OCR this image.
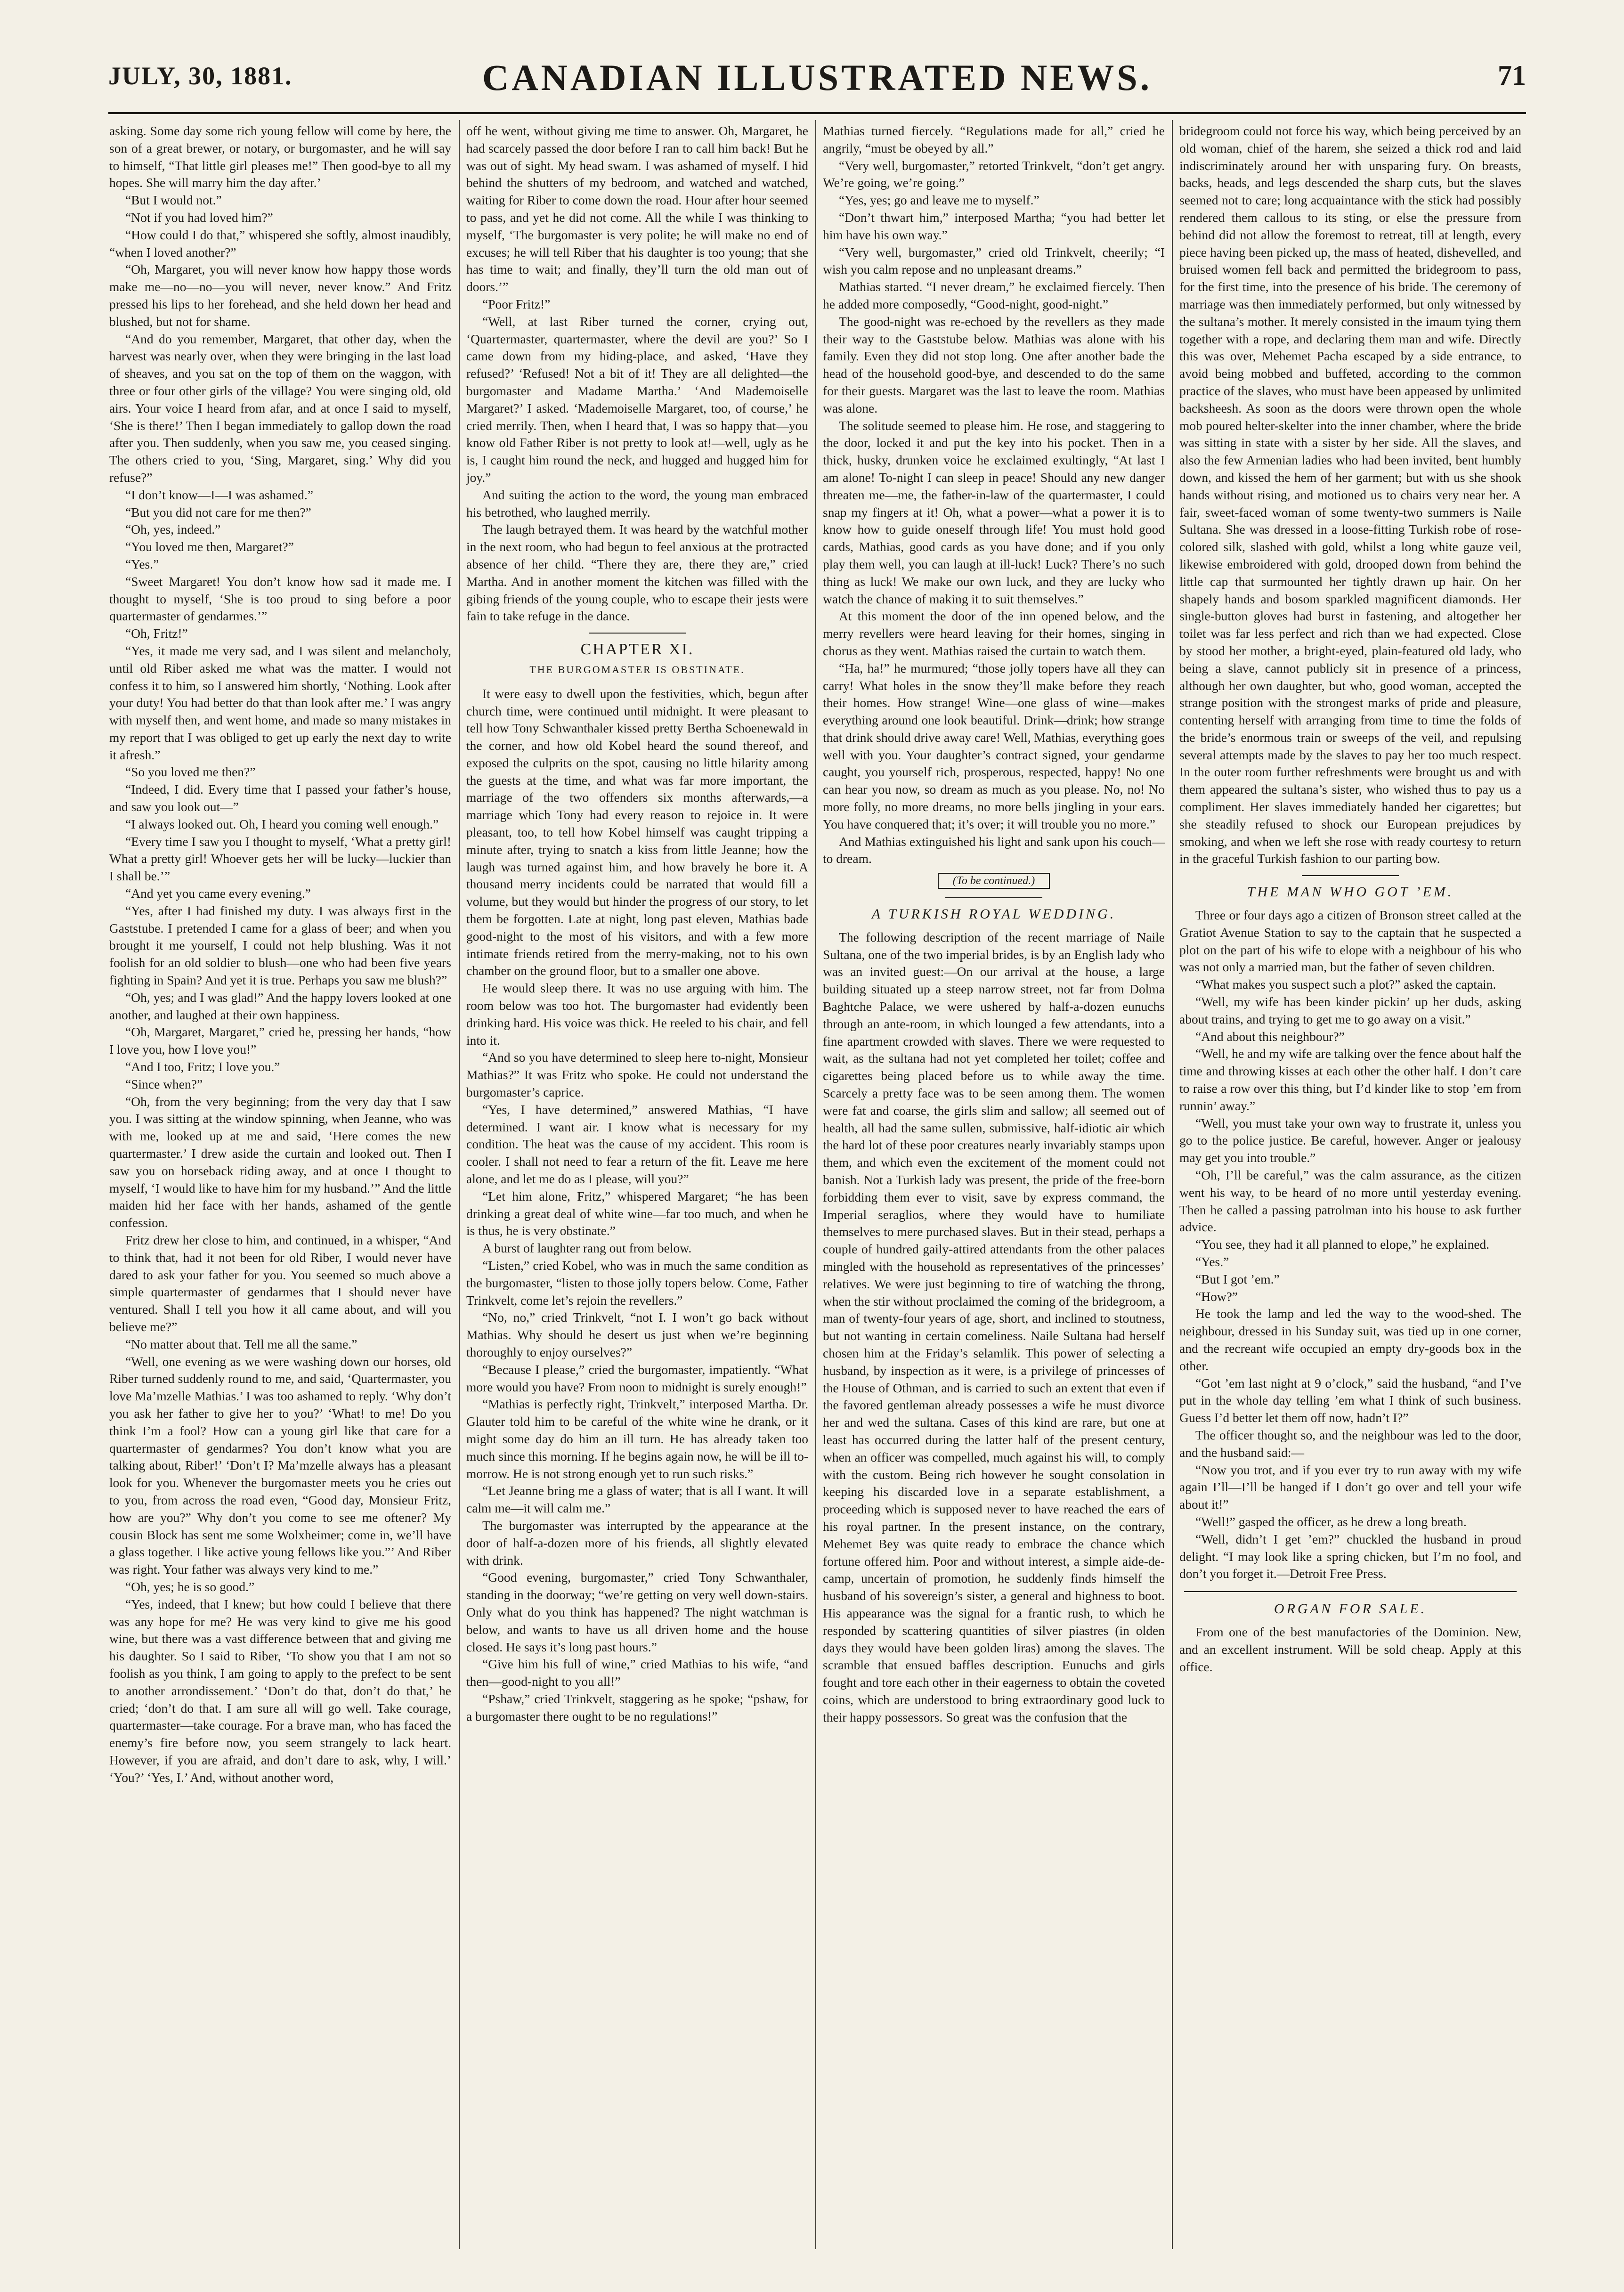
JULY, 30, 1881.	CANADIAN ILLUSTRATED NEWS.	71

asking. Some day some rich young fellow will come by here, the son of a great brewer, or notary, or burgomaster, and he will say to himself, “That little girl pleases me!” Then good-bye to all my hopes. She will marry him the day after.’

“But I would not.”

“Not if you had loved him?”

“How could I do that,” whispered she softly, almost inaudibly, “when I loved another?”

“Oh, Margaret, you will never know how happy those words make me—no—no—you will never, never know.” And Fritz pressed his lips to her forehead, and she held down her head and blushed, but not for shame.

“And do you remember, Margaret, that other day, when the harvest was nearly over, when they were bringing in the last load of sheaves, and you sat on the top of them on the waggon, with three or four other girls of the village? You were singing old, old airs. Your voice I heard from afar, and at once I said to myself, ‘She is there!’ Then I began immediately to gallop down the road after you. Then suddenly, when you saw me, you ceased singing. The others cried to you, ‘Sing, Margaret, sing.’ Why did you refuse?”

“I don’t know—I—I was ashamed.”

“But you did not care for me then?”

“Oh, yes, indeed.”

“You loved me then, Margaret?”

“Yes.”

“Sweet Margaret! You don’t know how sad it made me. I thought to myself, ‘She is too proud to sing before a poor quartermaster of gendarmes.’”

“Oh, Fritz!”

“Yes, it made me very sad, and I was silent and melancholy, until old Riber asked me what was the matter. I would not confess it to him, so I answered him shortly, ‘Nothing. Look after your duty! You had better do that than look after me.’ I was angry with myself then, and went home, and made so many mistakes in my report that I was obliged to get up early the next day to write it afresh.”

“So you loved me then?”

“Indeed, I did. Every time that I passed your father’s house, and saw you look out—”

“I always looked out. Oh, I heard you coming well enough.”

“Every time I saw you I thought to myself, ‘What a pretty girl! What a pretty girl! Whoever gets her will be lucky—luckier than I shall be.’”

“And yet you came every evening.”

“Yes, after I had finished my duty. I was always first in the Gaststube. I pretended I came for a glass of beer; and when you brought it me yourself, I could not help blushing. Was it not foolish for an old soldier to blush—one who had been five years fighting in Spain? And yet it is true. Perhaps you saw me blush?”

“Oh, yes; and I was glad!” And the happy lovers looked at one another, and laughed at their own happiness.

“Oh, Margaret, Margaret,” cried he, pressing her hands, “how I love you, how I love you!”

“And I too, Fritz; I love you.”

“Since when?”

“Oh, from the very beginning; from the very day that I saw you. I was sitting at the window spinning, when Jeanne, who was with me, looked up at me and said, ‘Here comes the new quartermaster.’ I drew aside the curtain and looked out. Then I saw you on horseback riding away, and at once I thought to myself, ‘I would like to have him for my husband.’” And the little maiden hid her face with her hands, ashamed of the gentle confession.

Fritz drew her close to him, and continued, in a whisper, “And to think that, had it not been for old Riber, I would never have dared to ask your father for you. You seemed so much above a simple quartermaster of gendarmes that I should never have ventured. Shall I tell you how it all came about, and will you believe me?”

“No matter about that. Tell me all the same.”

“Well, one evening as we were washing down our horses, old Riber turned suddenly round to me, and said, ‘Quartermaster, you love Ma’mzelle Mathias.’ I was too ashamed to reply. ‘Why don’t you ask her father to give her to you?’ ‘What! to me! Do you think I’m a fool? How can a young girl like that care for a quartermaster of gendarmes? You don’t know what you are talking about, Riber!’ ‘Don’t I? Ma’mzelle always has a pleasant look for you. Whenever the burgomaster meets you he cries out to you, from across the road even, “Good day, Monsieur Fritz, how are you?” Why don’t you come to see me oftener? My cousin Block has sent me some Wolxheimer; come in, we’ll have a glass together. I like active young fellows like you.”’ And Riber was right. Your father was always very kind to me.”

“Oh, yes; he is so good.”

“Yes, indeed, that I knew; but how could I believe that there was any hope for me? He was very kind to give me his good wine, but there was a vast difference between that and giving me his daughter. So I said to Riber, ‘To show you that I am not so foolish as you think, I am going to apply to the prefect to be sent to another arrondissement.’ ‘Don’t do that, don’t do that,’ he cried; ‘don’t do that. I am sure all will go well. Take courage, quartermaster—take courage. For a brave man, who has faced the enemy’s fire before now, you seem strangely to lack heart. However, if you are afraid, and don’t dare to ask, why, I will.’ ‘You?’ ‘Yes, I.’ And, without another word,

off he went, without giving me time to answer. Oh, Margaret, he had scarcely passed the door before I ran to call him back! But he was out of sight. My head swam. I was ashamed of myself. I hid behind the shutters of my bedroom, and watched and watched, waiting for Riber to come down the road. Hour after hour seemed to pass, and yet he did not come. All the while I was thinking to myself, ‘The burgomaster is very polite; he will make no end of excuses; he will tell Riber that his daughter is too young; that she has time to wait; and finally, they’ll turn the old man out of doors.’”

“Poor Fritz!”

“Well, at last Riber turned the corner, crying out, ‘Quartermaster, quartermaster, where the devil are you?’ So I came down from my hiding-place, and asked, ‘Have they refused?’ ‘Refused! Not a bit of it! They are all delighted—the burgomaster and Madame Martha.’ ‘And Mademoiselle Margaret?’ I asked. ‘Mademoiselle Margaret, too, of course,’ he cried merrily. Then, when I heard that, I was so happy that—you know old Father Riber is not pretty to look at!—well, ugly as he is, I caught him round the neck, and hugged and hugged him for joy.”

And suiting the action to the word, the young man embraced his betrothed, who laughed merrily.

The laugh betrayed them. It was heard by the watchful mother in the next room, who had begun to feel anxious at the protracted absence of her child. “There they are, there they are,” cried Martha. And in another moment the kitchen was filled with the gibing friends of the young couple, who to escape their jests were fain to take refuge in the dance.

CHAPTER XI.
THE BURGOMASTER IS OBSTINATE.

It were easy to dwell upon the festivities, which, begun after church time, were continued until midnight. It were pleasant to tell how Tony Schwanthaler kissed pretty Bertha Schoenewald in the corner, and how old Kobel heard the sound thereof, and exposed the culprits on the spot, causing no little hilarity among the guests at the time, and what was far more important, the marriage of the two offenders six months afterwards,—a marriage which Tony had every reason to rejoice in. It were pleasant, too, to tell how Kobel himself was caught tripping a minute after, trying to snatch a kiss from little Jeanne; how the laugh was turned against him, and how bravely he bore it. A thousand merry incidents could be narrated that would fill a volume, but they would but hinder the progress of our story, to let them be forgotten. Late at night, long past eleven, Mathias bade good-night to the most of his visitors, and with a few more intimate friends retired from the merry-making, not to his own chamber on the ground floor, but to a smaller one above.

He would sleep there. It was no use arguing with him. The room below was too hot. The burgomaster had evidently been drinking hard. His voice was thick. He reeled to his chair, and fell into it.

“And so you have determined to sleep here to-night, Monsieur Mathias?” It was Fritz who spoke. He could not understand the burgomaster’s caprice.

“Yes, I have determined,” answered Mathias, “I have determined. I want air. I know what is necessary for my condition. The heat was the cause of my accident. This room is cooler. I shall not need to fear a return of the fit. Leave me here alone, and let me do as I please, will you?”

“Let him alone, Fritz,” whispered Margaret; “he has been drinking a great deal of white wine—far too much, and when he is thus, he is very obstinate.”

A burst of laughter rang out from below.

“Listen,” cried Kobel, who was in much the same condition as the burgomaster, “listen to those jolly topers below. Come, Father Trinkvelt, come let’s rejoin the revellers.”

“No, no,” cried Trinkvelt, “not I. I won’t go back without Mathias. Why should he desert us just when we’re beginning thoroughly to enjoy ourselves?”

“Because I please,” cried the burgomaster, impatiently. “What more would you have? From noon to midnight is surely enough!”

“Mathias is perfectly right, Trinkvelt,” interposed Martha. Dr. Glauter told him to be careful of the white wine he drank, or it might some day do him an ill turn. He has already taken too much since this morning. If he begins again now, he will be ill to-morrow. He is not strong enough yet to run such risks.”

“Let Jeanne bring me a glass of water; that is all I want. It will calm me—it will calm me.”

The burgomaster was interrupted by the appearance at the door of half-a-dozen more of his friends, all slightly elevated with drink.

“Good evening, burgomaster,” cried Tony Schwanthaler, standing in the doorway; “we’re getting on very well down-stairs. Only what do you think has happened? The night watchman is below, and wants to have us all driven home and the house closed. He says it’s long past hours.”

“Give him his full of wine,” cried Mathias to his wife, “and then—good-night to you all!”

“Pshaw,” cried Trinkvelt, staggering as he spoke; “pshaw, for a burgomaster there ought to be no regulations!”

Mathias turned fiercely. “Regulations made for all,” cried he angrily, “must be obeyed by all.”

“Very well, burgomaster,” retorted Trinkvelt, “don’t get angry. We’re going, we’re going.”

“Yes, yes; go and leave me to myself.”

“Don’t thwart him,” interposed Martha; “you had better let him have his own way.”

“Very well, burgomaster,” cried old Trinkvelt, cheerily; “I wish you calm repose and no unpleasant dreams.”

Mathias started. “I never dream,” he exclaimed fiercely. Then he added more composedly, “Good-night, good-night.”

The good-night was re-echoed by the revellers as they made their way to the Gaststube below. Mathias was alone with his family. Even they did not stop long. One after another bade the head of the household good-bye, and descended to do the same for their guests. Margaret was the last to leave the room. Mathias was alone.

The solitude seemed to please him. He rose, and staggering to the door, locked it and put the key into his pocket. Then in a thick, husky, drunken voice he exclaimed exultingly, “At last I am alone! To-night I can sleep in peace! Should any new danger threaten me—me, the father-in-law of the quartermaster, I could snap my fingers at it! Oh, what a power—what a power it is to know how to guide oneself through life! You must hold good cards, Mathias, good cards as you have done; and if you only play them well, you can laugh at ill-luck! Luck? There’s no such thing as luck! We make our own luck, and they are lucky who watch the chance of making it to suit themselves.”

At this moment the door of the inn opened below, and the merry revellers were heard leaving for their homes, singing in chorus as they went. Mathias raised the curtain to watch them.

“Ha, ha!” he murmured; “those jolly topers have all they can carry! What holes in the snow they’ll make before they reach their homes. How strange! Wine—one glass of wine—makes everything around one look beautiful. Drink—drink; how strange that drink should drive away care! Well, Mathias, everything goes well with you. Your daughter’s contract signed, your gendarme caught, you yourself rich, prosperous, respected, happy! No one can hear you now, so dream as much as you please. No, no! No more folly, no more dreams, no more bells jingling in your ears. You have conquered that; it’s over; it will trouble you no more.”

And Mathias extinguished his light and sank upon his couch—to dream.

(To be continued.)
A TURKISH ROYAL WEDDING.

The following description of the recent marriage of Naile Sultana, one of the two imperial brides, is by an English lady who was an invited guest:—On our arrival at the house, a large building situated up a steep narrow street, not far from Dolma Baghtche Palace, we were ushered by half-a-dozen eunuchs through an ante-room, in which lounged a few attendants, into a fine apartment crowded with slaves. There we were requested to wait, as the sultana had not yet completed her toilet; coffee and cigarettes being placed before us to while away the time. Scarcely a pretty face was to be seen among them. The women were fat and coarse, the girls slim and sallow; all seemed out of health, all had the same sullen, submissive, half-idiotic air which the hard lot of these poor creatures nearly invariably stamps upon them, and which even the excitement of the moment could not banish. Not a Turkish lady was present, the pride of the free-born forbidding them ever to visit, save by express command, the Imperial seraglios, where they would have to humiliate themselves to mere purchased slaves. But in their stead, perhaps a couple of hundred gaily-attired attendants from the other palaces mingled with the household as representatives of the princesses’ relatives. We were just beginning to tire of watching the throng, when the stir without proclaimed the coming of the bridegroom, a man of twenty-four years of age, short, and inclined to stoutness, but not wanting in certain comeliness. Naile Sultana had herself chosen him at the Friday’s selamlik. This power of selecting a husband, by inspection as it were, is a privilege of princesses of the House of Othman, and is carried to such an extent that even if the favored gentleman already possesses a wife he must divorce her and wed the sultana. Cases of this kind are rare, but one at least has occurred during the latter half of the present century, when an officer was compelled, much against his will, to comply with the custom. Being rich however he sought consolation in keeping his discarded love in a separate establishment, a proceeding which is supposed never to have reached the ears of his royal partner. In the present instance, on the contrary, Mehemet Bey was quite ready to embrace the chance which fortune offered him. Poor and without interest, a simple aide-de-camp, uncertain of promotion, he suddenly finds himself the husband of his sovereign’s sister, a general and highness to boot. His appearance was the signal for a frantic rush, to which he responded by scattering quantities of silver piastres (in olden days they would have been golden liras) among the slaves. The scramble that ensued baffles description. Eunuchs and girls fought and tore each other in their eagerness to obtain the coveted coins, which are understood to bring extraordinary good luck to their happy possessors. So great was the confusion that the

bridegroom could not force his way, which being perceived by an old woman, chief of the harem, she seized a thick rod and laid indiscriminately around her with unsparing fury. On breasts, backs, heads, and legs descended the sharp cuts, but the slaves seemed not to care; long acquaintance with the stick had possibly rendered them callous to its sting, or else the pressure from behind did not allow the foremost to retreat, till at length, every piece having been picked up, the mass of heated, dishevelled, and bruised women fell back and permitted the bridegroom to pass, for the first time, into the presence of his bride. The ceremony of marriage was then immediately performed, but only witnessed by the sultana’s mother. It merely consisted in the imaum tying them together with a rope, and declaring them man and wife. Directly this was over, Mehemet Pacha escaped by a side entrance, to avoid being mobbed and buffeted, according to the common practice of the slaves, who must have been appeased by unlimited backsheesh. As soon as the doors were thrown open the whole mob poured helter-skelter into the inner chamber, where the bride was sitting in state with a sister by her side. All the slaves, and also the few Armenian ladies who had been invited, bent humbly down, and kissed the hem of her garment; but with us she shook hands without rising, and motioned us to chairs very near her. A fair, sweet-faced woman of some twenty-two summers is Naile Sultana. She was dressed in a loose-fitting Turkish robe of rose-colored silk, slashed with gold, whilst a long white gauze veil, likewise embroidered with gold, drooped down from behind the little cap that surmounted her tightly drawn up hair. On her shapely hands and bosom sparkled magnificent diamonds. Her single-button gloves had burst in fastening, and altogether her toilet was far less perfect and rich than we had expected. Close by stood her mother, a bright-eyed, plain-featured old lady, who being a slave, cannot publicly sit in presence of a princess, although her own daughter, but who, good woman, accepted the strange position with the strongest marks of pride and pleasure, contenting herself with arranging from time to time the folds of the bride’s enormous train or sweeps of the veil, and repulsing several attempts made by the slaves to pay her too much respect. In the outer room further refreshments were brought us and with them appeared the sultana’s sister, who wished thus to pay us a compliment. Her slaves immediately handed her cigarettes; but she steadily refused to shock our European prejudices by smoking, and when we left she rose with ready courtesy to return in the graceful Turkish fashion to our parting bow.

THE MAN WHO GOT ’EM.

Three or four days ago a citizen of Bronson street called at the Gratiot Avenue Station to say to the captain that he suspected a plot on the part of his wife to elope with a neighbour of his who was not only a married man, but the father of seven children.

“What makes you suspect such a plot?” asked the captain.

“Well, my wife has been kinder pickin’ up her duds, asking about trains, and trying to get me to go away on a visit.”

“And about this neighbour?”

“Well, he and my wife are talking over the fence about half the time and throwing kisses at each other the other half. I don’t care to raise a row over this thing, but I’d kinder like to stop ’em from runnin’ away.”

“Well, you must take your own way to frustrate it, unless you go to the police justice. Be careful, however. Anger or jealousy may get you into trouble.”

“Oh, I’ll be careful,” was the calm assurance, as the citizen went his way, to be heard of no more until yesterday evening. Then he called a passing patrolman into his house to ask further advice.

“You see, they had it all planned to elope,” he explained.

“Yes.”

“But I got ’em.”

“How?”

He took the lamp and led the way to the wood-shed. The neighbour, dressed in his Sunday suit, was tied up in one corner, and the recreant wife occupied an empty dry-goods box in the other.

“Got ’em last night at 9 o’clock,” said the husband, “and I’ve put in the whole day telling ’em what I think of such business. Guess I’d better let them off now, hadn’t I?”

The officer thought so, and the neighbour was led to the door, and the husband said:—

“Now you trot, and if you ever try to run away with my wife again I’ll—I’ll be hanged if I don’t go over and tell your wife about it!”

“Well!” gasped the officer, as he drew a long breath.

“Well, didn’t I get ’em?” chuckled the husband in proud delight. “I may look like a spring chicken, but I’m no fool, and don’t you forget it.—Detroit Free Press.

ORGAN FOR SALE.

From one of the best manufactories of the Dominion. New, and an excellent instrument. Will be sold cheap. Apply at this office.
